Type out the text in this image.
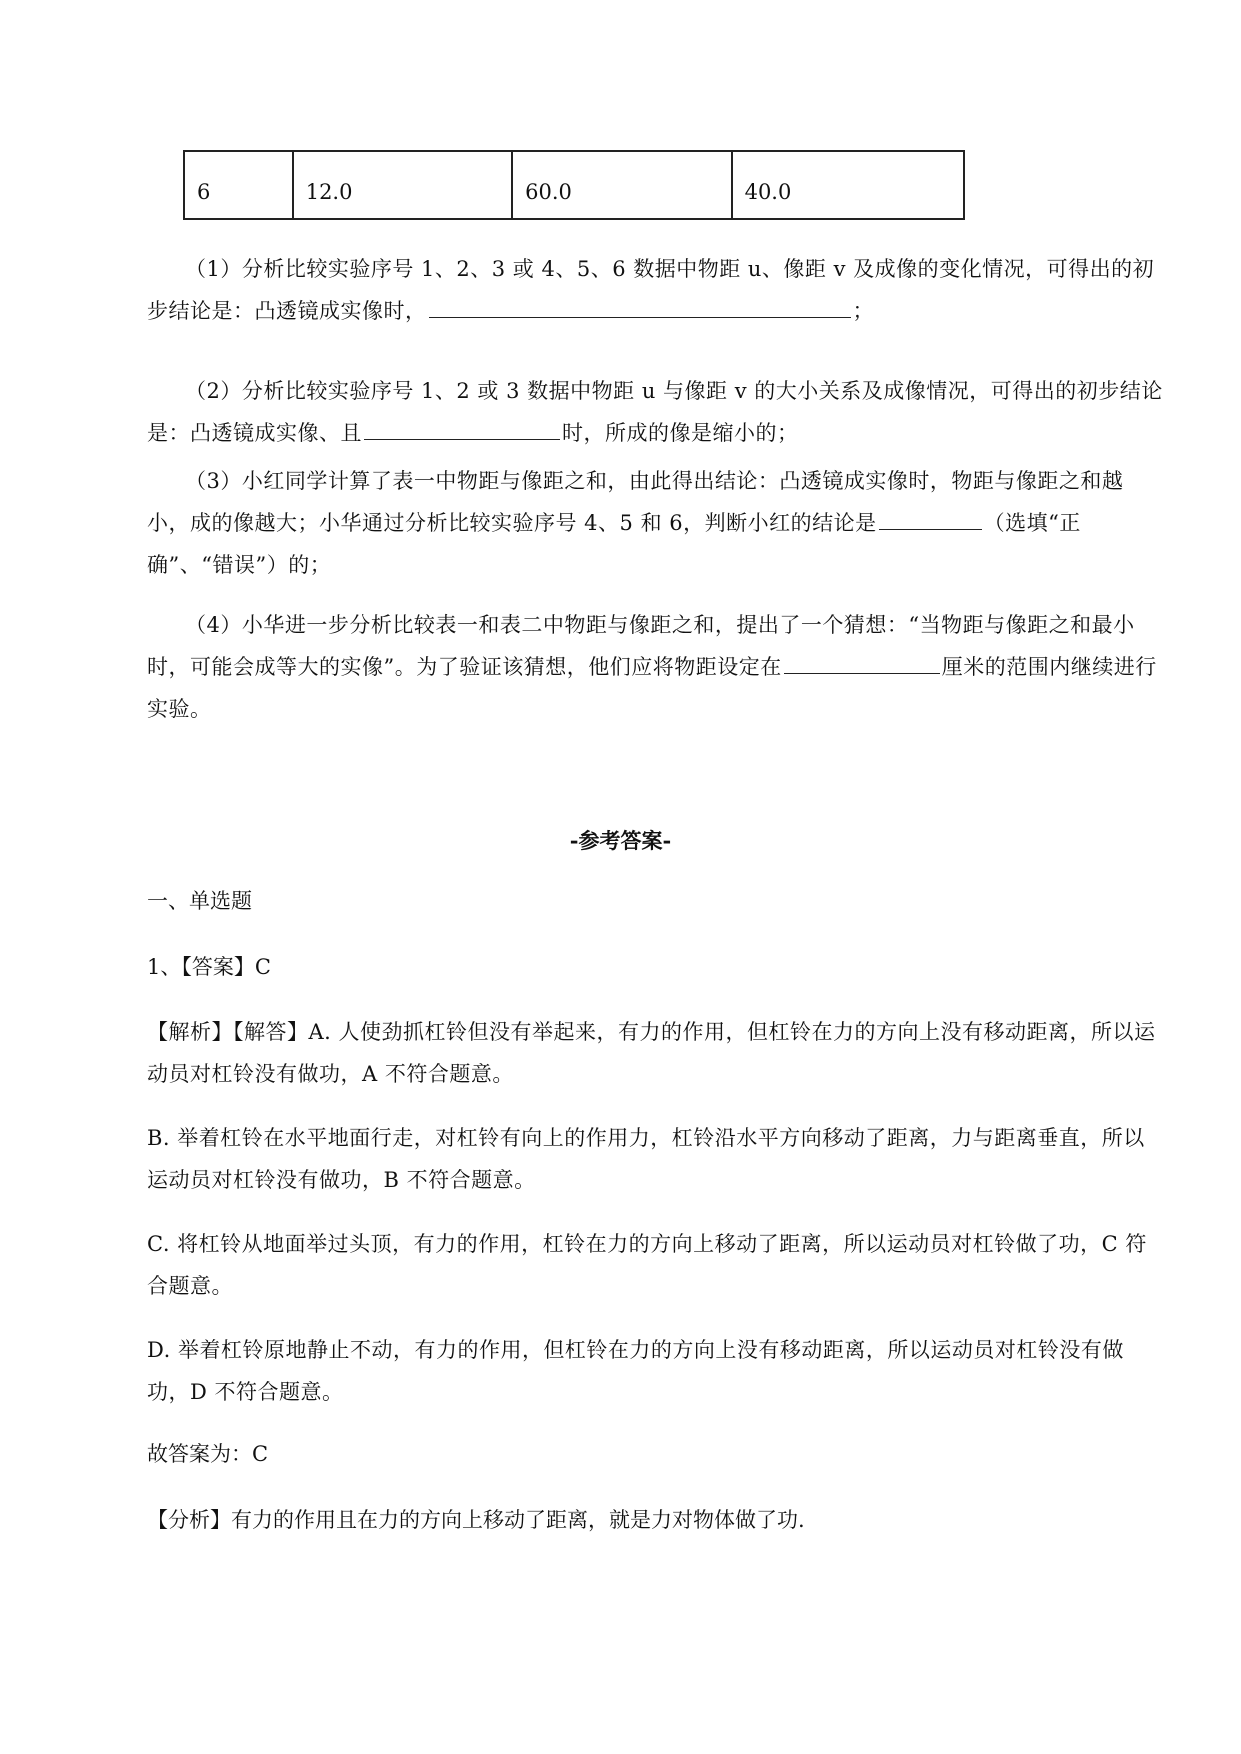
6	12.0	60.0	40.0
（1）分析比较实验序号 1、2、3 或 4、5、6 数据中物距 u、像距 v 及成像的变化情况，可得出的初步结论是：凸透镜成实像时，	；
（2）分析比较实验序号 1、2 或 3 数据中物距 u 与像距 v 的大小关系及成像情况，可得出的初步结论是：凸透镜成实像、且	时，所成的像是缩小的；
（3）小红同学计算了表一中物距与像距之和，由此得出结论：凸透镜成实像时，物距与像距之和越小，成的像越大；小华通过分析比较实验序号 4、5 和 6，判断小红的结论是	（选填“正确”、“错误”）的；
（4）小华进一步分析比较表一和表二中物距与像距之和，提出了一个猜想：“当物距与像距之和最小时，可能会成等大的实像”。为了验证该猜想，他们应将物距设定在	厘米的范围内继续进行实验。
-参考答案-
一、单选题
1、【答案】C
【解析】【解答】A. 人使劲抓杠铃但没有举起来，有力的作用，但杠铃在力的方向上没有移动距离，所以运动员对杠铃没有做功，A 不符合题意。
B. 举着杠铃在水平地面行走，对杠铃有向上的作用力，杠铃沿水平方向移动了距离，力与距离垂直，所以运动员对杠铃没有做功，B 不符合题意。
C. 将杠铃从地面举过头顶，有力的作用，杠铃在力的方向上移动了距离，所以运动员对杠铃做了功，C 符合题意。
D. 举着杠铃原地静止不动，有力的作用，但杠铃在力的方向上没有移动距离，所以运动员对杠铃没有做功，D 不符合题意。
故答案为：C
【分析】有力的作用且在力的方向上移动了距离，就是力对物体做了功.
